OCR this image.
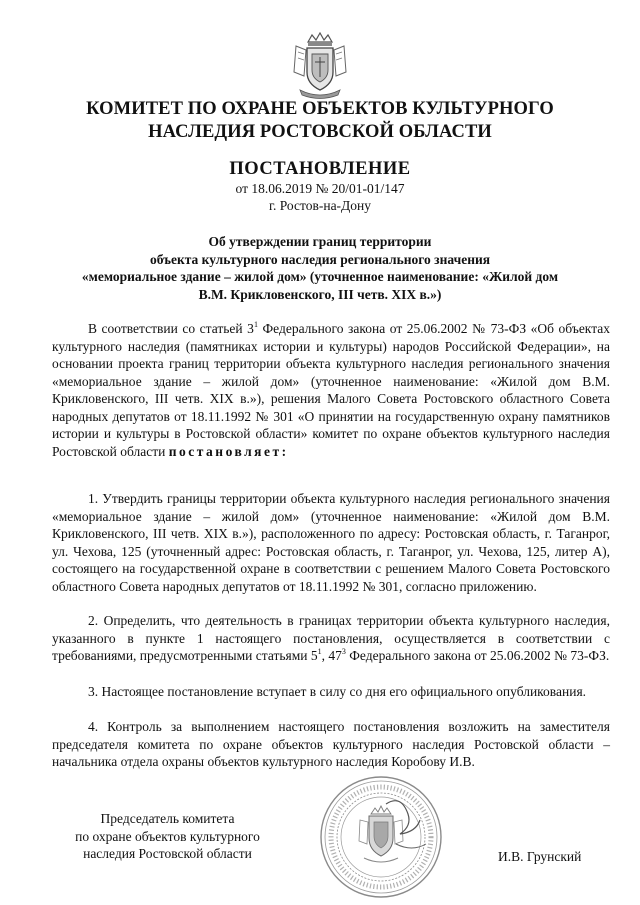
КОМИТЕТ ПО ОХРАНЕ ОБЪЕКТОВ КУЛЬТУРНОГО
НАСЛЕДИЯ РОСТОВСКОЙ ОБЛАСТИ
ПОСТАНОВЛЕНИЕ
от 18.06.2019 № 20/01-01/147
г. Ростов-на-Дону
Об утверждении границ территории
объекта культурного наследия регионального значения
«мемориальное здание – жилой дом» (уточненное наименование: «Жилой дом
В.М. Крикловенского, III четв. XIX в.»)

В соответствии со статьей $3^1$ Федерального закона от 25.06.2002 № 73-ФЗ «Об объектах культурного наследия (памятниках истории и культуры) народов Российской Федерации», на основании проекта границ территории объекта культурного наследия регионального значения «мемориальное здание – жилой дом» (уточненное наименование: «Жилой дом В.М. Крикловенского, III четв. XIX в.»), решения Малого Совета Ростовского областного Совета народных депутатов от 18.11.1992 № 301 «О принятии на государственную охрану памятников истории и культуры в Ростовской области» комитет по охране объектов культурного наследия Ростовской области постановляет:

1. Утвердить границы территории объекта культурного наследия регионального значения «мемориальное здание – жилой дом» (уточненное наименование: «Жилой дом В.М. Крикловенского, III четв. XIX в.»), расположенного по адресу: Ростовская область, г. Таганрог, ул. Чехова, 125 (уточненный адрес: Ростовская область, г. Таганрог, ул. Чехова, 125, литер А), состоящего на государственной охране в соответствии с решением Малого Совета Ростовского областного Совета народных депутатов от 18.11.1992 № 301, согласно приложению.

2. Определить, что деятельность в границах территории объекта культурного наследия, указанного в пункте 1 настоящего постановления, осуществляется в соответствии с требованиями, предусмотренными статьями $5^1$, $47^3$ Федерального закона от 25.06.2002 № 73-ФЗ.

3. Настоящее постановление вступает в силу со дня его официального опубликования.

4. Контроль за выполнением настоящего постановления возложить на заместителя председателя комитета по охране объектов культурного наследия Ростовской области – начальника отдела охраны объектов культурного наследия Коробову И.В.

Председатель комитета
по охране объектов культурного
наследия Ростовской области	И.В. Грунский
